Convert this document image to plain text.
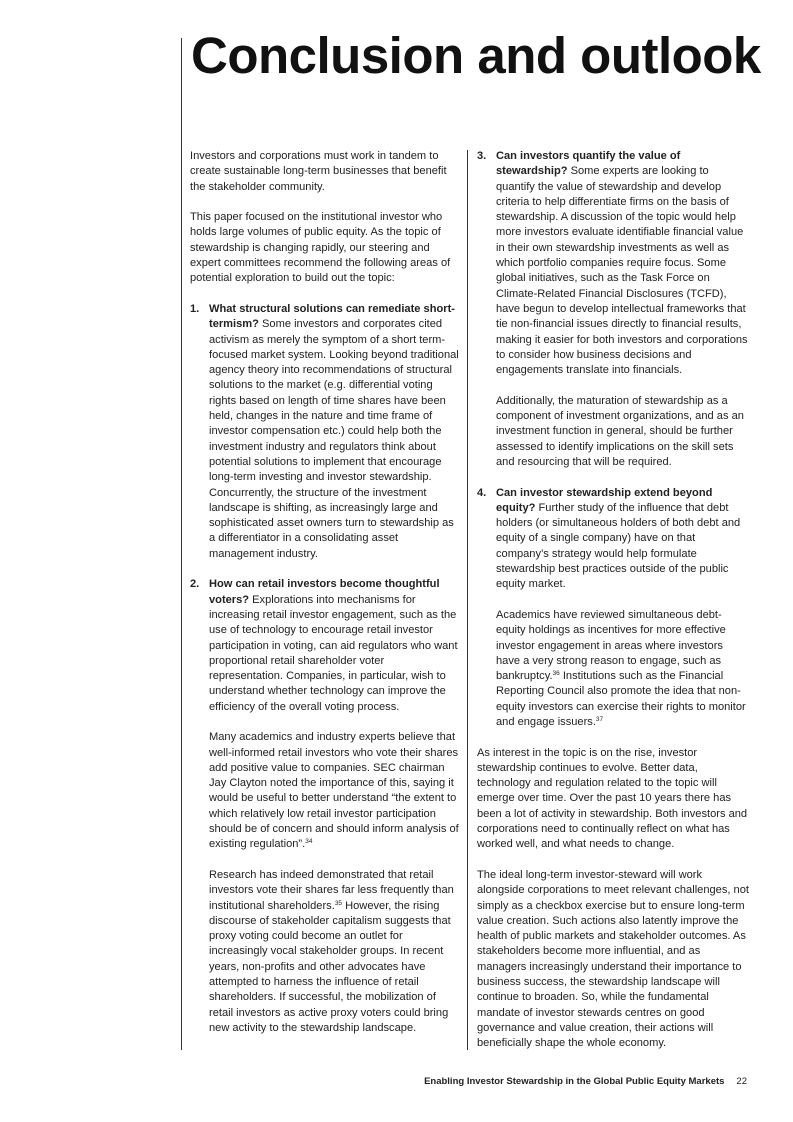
Conclusion and outlook

Investors and corporations must work in tandem to create sustainable long-term businesses that benefit the stakeholder community.

This paper focused on the institutional investor who holds large volumes of public equity. As the topic of stewardship is changing rapidly, our steering and expert committees recommend the following areas of potential exploration to build out the topic:

1. What structural solutions can remediate short-termism? Some investors and corporates cited activism as merely the symptom of a short term-focused market system. Looking beyond traditional agency theory into recommendations of structural solutions to the market (e.g. differential voting rights based on length of time shares have been held, changes in the nature and time frame of investor compensation etc.) could help both the investment industry and regulators think about potential solutions to implement that encourage long-term investing and investor stewardship. Concurrently, the structure of the investment landscape is shifting, as increasingly large and sophisticated asset owners turn to stewardship as a differentiator in a consolidating asset management industry.

2. How can retail investors become thoughtful voters? Explorations into mechanisms for increasing retail investor engagement, such as the use of technology to encourage retail investor participation in voting, can aid regulators who want proportional retail shareholder voter representation. Companies, in particular, wish to understand whether technology can improve the efficiency of the overall voting process.

Many academics and industry experts believe that well-informed retail investors who vote their shares add positive value to companies. SEC chairman Jay Clayton noted the importance of this, saying it would be useful to better understand “the extent to which relatively low retail investor participation should be of concern and should inform analysis of existing regulation”.$^{34}$

Research has indeed demonstrated that retail investors vote their shares far less frequently than institutional shareholders.$^{35}$ However, the rising discourse of stakeholder capitalism suggests that proxy voting could become an outlet for increasingly vocal stakeholder groups. In recent years, non-profits and other advocates have attempted to harness the influence of retail shareholders. If successful, the mobilization of retail investors as active proxy voters could bring new activity to the stewardship landscape.

3. Can investors quantify the value of stewardship? Some experts are looking to quantify the value of stewardship and develop criteria to help differentiate firms on the basis of stewardship. A discussion of the topic would help more investors evaluate identifiable financial value in their own stewardship investments as well as which portfolio companies require focus. Some global initiatives, such as the Task Force on Climate-Related Financial Disclosures (TCFD), have begun to develop intellectual frameworks that tie non-financial issues directly to financial results, making it easier for both investors and corporations to consider how business decisions and engagements translate into financials.

Additionally, the maturation of stewardship as a component of investment organizations, and as an investment function in general, should be further assessed to identify implications on the skill sets and resourcing that will be required.

4. Can investor stewardship extend beyond equity? Further study of the influence that debt holders (or simultaneous holders of both debt and equity of a single company) have on that company’s strategy would help formulate stewardship best practices outside of the public equity market.

Academics have reviewed simultaneous debt-equity holdings as incentives for more effective investor engagement in areas where investors have a very strong reason to engage, such as bankruptcy.$^{36}$ Institutions such as the Financial Reporting Council also promote the idea that non-equity investors can exercise their rights to monitor and engage issuers.$^{37}$

As interest in the topic is on the rise, investor stewardship continues to evolve. Better data, technology and regulation related to the topic will emerge over time. Over the past 10 years there has been a lot of activity in stewardship. Both investors and corporations need to continually reflect on what has worked well, and what needs to change.

The ideal long-term investor-steward will work alongside corporations to meet relevant challenges, not simply as a checkbox exercise but to ensure long-term value creation. Such actions also latently improve the health of public markets and stakeholder outcomes. As stakeholders become more influential, and as managers increasingly understand their importance to business success, the stewardship landscape will continue to broaden. So, while the fundamental mandate of investor stewards centres on good governance and value creation, their actions will beneficially shape the whole economy.

Enabling Investor Stewardship in the Global Public Equity Markets 22
